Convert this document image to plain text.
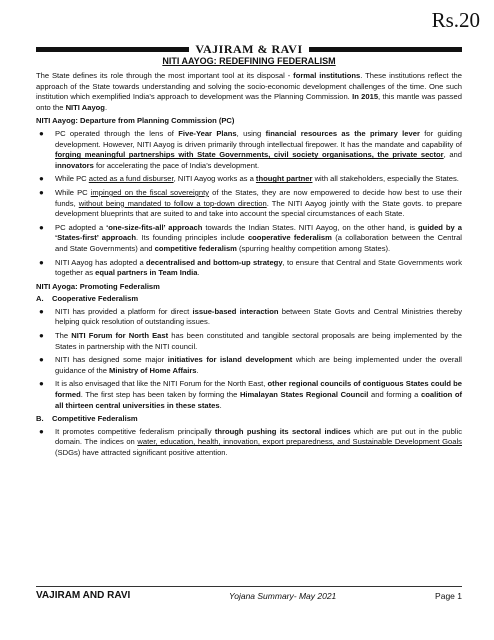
Rs.20
VAJIRAM & RAVI
NITI AAYOG: REDEFINING FEDERALISM

The State defines its role through the most important tool at its disposal - formal institutions. These institutions reflect the approach of the State towards understanding and solving the socio-economic development challenges of the time. One such institution which exemplified India’s approach to development was the Planning Commission. In 2015, this mantle was passed onto the NITI Aayog.

NITI Aayog: Departure from Planning Commission (PC)
● PC operated through the lens of Five-Year Plans, using financial resources as the primary lever for guiding development. However, NITI Aayog is driven primarily through intellectual firepower. It has the mandate and capability of forging meaningful partnerships with State Governments, civil society organisations, the private sector, and innovators for accelerating the pace of India’s development.
● While PC acted as a fund disburser, NITI Aayog works as a thought partner with all stakeholders, especially the States.
● While PC impinged on the fiscal sovereignty of the States, they are now empowered to decide how best to use their funds, without being mandated to follow a top-down direction. The NITI Aayog jointly with the State govts. to prepare development blueprints that are suited to and take into account the special circumstances of each State.
● PC adopted a ‘one-size-fits-all’ approach towards the Indian States. NITI Aayog, on the other hand, is guided by a ‘States-first’ approach. Its founding principles include cooperative federalism (a collaboration between the Central and State Governments) and competitive federalism (spurring healthy competition among States).
● NITI Aayog has adopted a decentralised and bottom-up strategy, to ensure that Central and State Governments work together as equal partners in Team India.
NITI Ayoga: Promoting Federalism
A. Cooperative Federalism
● NITI has provided a platform for direct issue-based interaction between State Govts and Central Ministries thereby helping quick resolution of outstanding issues.
● The NITI Forum for North East has been constituted and tangible sectoral proposals are being implemented by the States in partnership with the NITI council.
● NITI has designed some major initiatives for island development which are being implemented under the overall guidance of the Ministry of Home Affairs.
● It is also envisaged that like the NITI Forum for the North East, other regional councils of contiguous States could be formed. The first step has been taken by forming the Himalayan States Regional Council and forming a coalition of all thirteen central universities in these states.
B. Competitive Federalism
● It promotes competitive federalism principally through pushing its sectoral indices which are put out in the public domain. The indices on water, education, health, innovation, export preparedness, and Sustainable Development Goals (SDGs) have attracted significant positive attention.
VAJIRAM AND RAVI	Yojana Summary- May 2021	Page 1
